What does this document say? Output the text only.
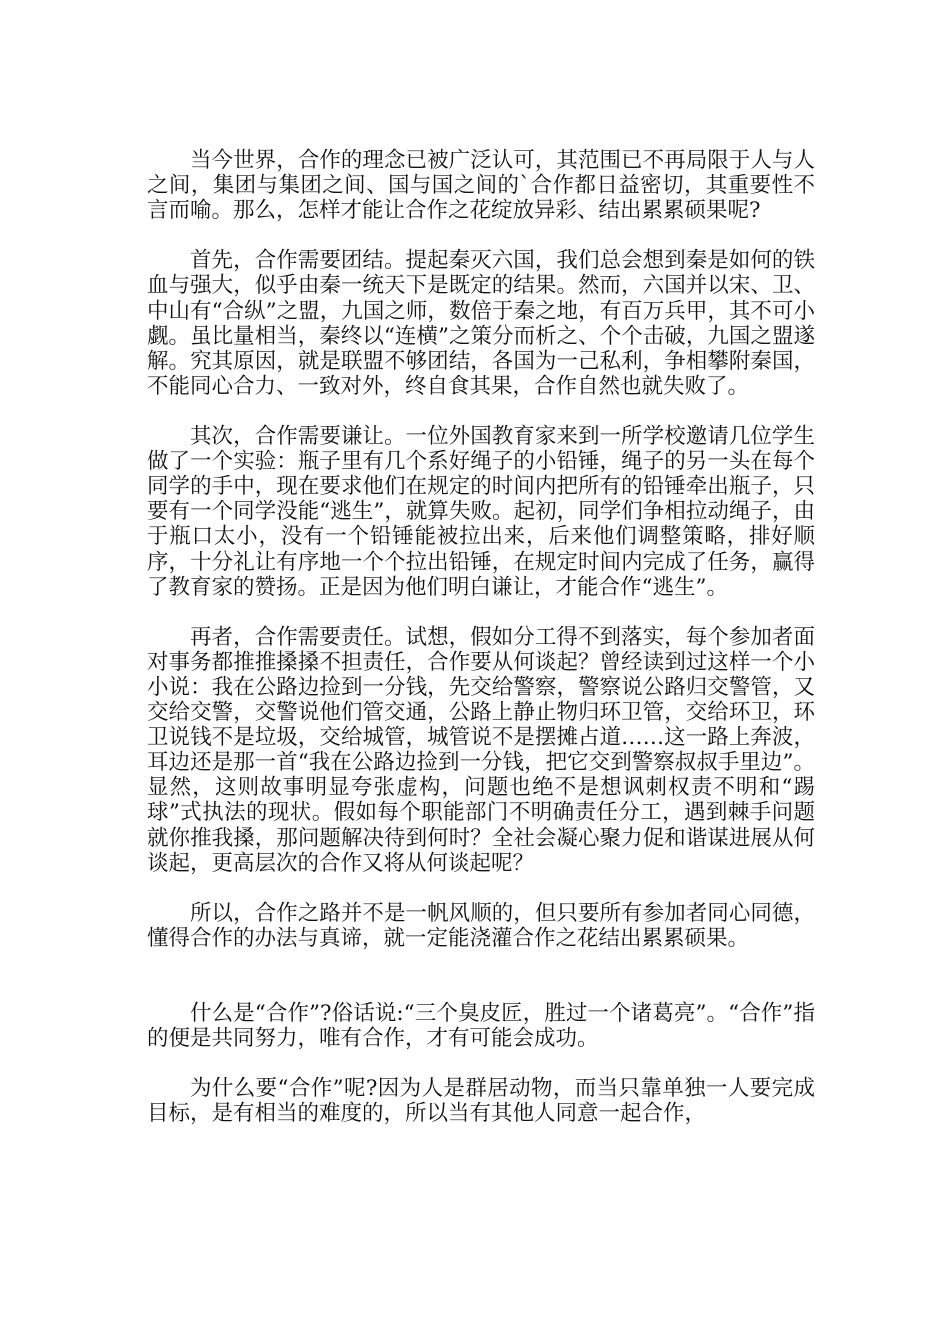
当今世界，合作的理念已被广泛认可，其范围已不再局限于人与人之间，集团与集团之间、国与国之间的`合作都日益密切，其重要性不言而喻。那么，怎样才能让合作之花绽放异彩、结出累累硕果呢?

首先，合作需要团结。提起秦灭六国，我们总会想到秦是如何的铁血与强大，似乎由秦一统天下是既定的结果。然而，六国并以宋、卫、中山有“合纵”之盟，九国之师，数倍于秦之地，有百万兵甲，其不可小觑。虽比量相当，秦终以“连横”之策分而析之、个个击破，九国之盟遂解。究其原因，就是联盟不够团结，各国为一己私利，争相攀附秦国，不能同心合力、一致对外，终自食其果，合作自然也就失败了。

其次，合作需要谦让。一位外国教育家来到一所学校邀请几位学生做了一个实验：瓶子里有几个系好绳子的小铅锤，绳子的另一头在每个同学的手中，现在要求他们在规定的时间内把所有的铅锤牵出瓶子，只要有一个同学没能“逃生”，就算失败。起初，同学们争相拉动绳子，由于瓶口太小，没有一个铅锤能被拉出来，后来他们调整策略，排好顺序，十分礼让有序地一个个拉出铅锤，在规定时间内完成了任务，赢得了教育家的赞扬。正是因为他们明白谦让，才能合作“逃生”。

再者，合作需要责任。试想，假如分工得不到落实，每个参加者面对事务都推推搡搡不担责任，合作要从何谈起？曾经读到过这样一个小小说：我在公路边捡到一分钱，先交给警察，警察说公路归交警管，又交给交警，交警说他们管交通，公路上静止物归环卫管，交给环卫，环卫说钱不是垃圾，交给城管，城管说不是摆摊占道……这一路上奔波，耳边还是那一首“我在公路边捡到一分钱，把它交到警察叔叔手里边”。显然，这则故事明显夸张虚构，问题也绝不是想讽刺权责不明和“踢球”式执法的现状。假如每个职能部门不明确责任分工，遇到棘手问题就你推我搡，那问题解决待到何时？全社会凝心聚力促和谐谋进展从何谈起，更高层次的合作又将从何谈起呢？

所以，合作之路并不是一帆风顺的，但只要所有参加者同心同德，懂得合作的办法与真谛，就一定能浇灌合作之花结出累累硕果。

什么是“合作”?俗话说:“三个臭皮匠，胜过一个诸葛亮”。“合作”指的便是共同努力，唯有合作，才有可能会成功。

为什么要“合作”呢?因为人是群居动物，而当只靠单独一人要完成目标，是有相当的难度的，所以当有其他人同意一起合作，
